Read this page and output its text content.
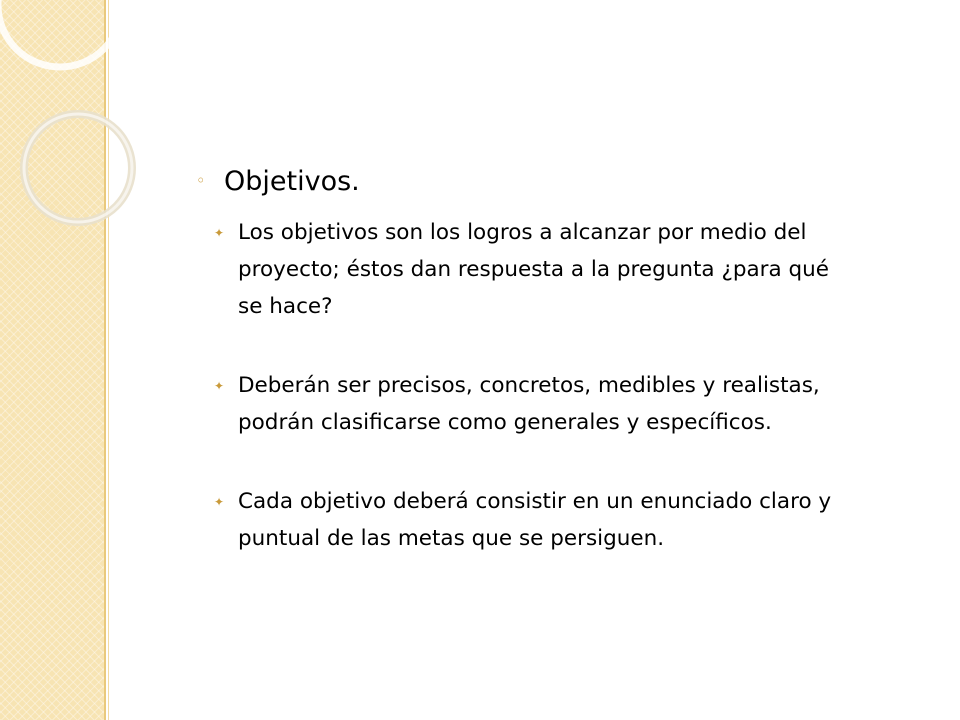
◦ Objetivos.
✦ Los objetivos son los logros a alcanzar por medio del proyecto; éstos dan respuesta a la pregunta ¿para qué se hace?
✦ Deberán ser precisos, concretos, medibles y realistas, podrán clasificarse como generales y específicos.
✦ Cada objetivo deberá consistir en un enunciado claro y puntual de las metas que se persiguen.
